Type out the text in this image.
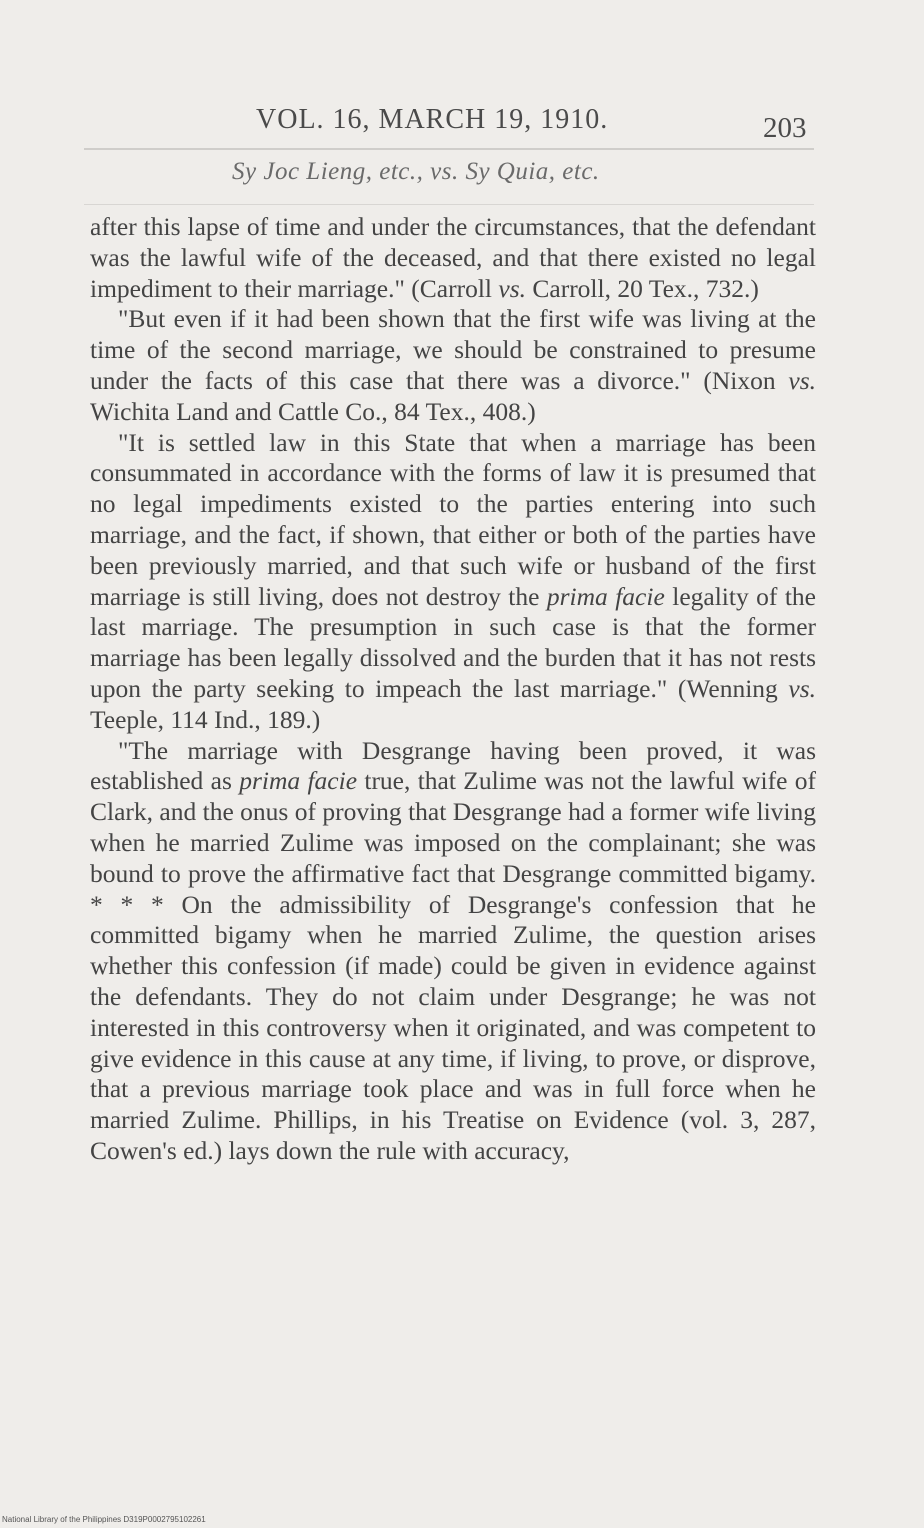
VOL. 16, MARCH 19, 1910.	203
Sy Joc Lieng, etc., vs. Sy Quia, etc.

after this lapse of time and under the circumstances, that the defendant was the lawful wife of the deceased, and that there existed no legal impediment to their marriage." (Carroll vs. Carroll, 20 Tex., 732.)

"But even if it had been shown that the first wife was living at the time of the second marriage, we should be constrained to presume under the facts of this case that there was a divorce." (Nixon vs. Wichita Land and Cattle Co., 84 Tex., 408.)

"It is settled law in this State that when a marriage has been consummated in accordance with the forms of law it is presumed that no legal impediments existed to the parties entering into such marriage, and the fact, if shown, that either or both of the parties have been previously married, and that such wife or husband of the first marriage is still living, does not destroy the prima facie legality of the last marriage. The presumption in such case is that the former marriage has been legally dissolved and the burden that it has not rests upon the party seeking to impeach the last marriage." (Wenning vs. Teeple, 114 Ind., 189.)

"The marriage with Desgrange having been proved, it was established as prima facie true, that Zulime was not the lawful wife of Clark, and the onus of proving that Desgrange had a former wife living when he married Zulime was imposed on the complainant; she was bound to prove the affirmative fact that Desgrange committed bigamy. * * * On the admissibility of Desgrange's confession that he committed bigamy when he married Zulime, the question arises whether this confession (if made) could be given in evidence against the defendants. They do not claim under Desgrange; he was not interested in this controversy when it originated, and was competent to give evidence in this cause at any time, if living, to prove, or disprove, that a previous marriage took place and was in full force when he married Zulime. Phillips, in his Treatise on Evidence (vol. 3, 287, Cowen's ed.) lays down the rule with accuracy,

National Library of the Philippines D319P0002795102261
